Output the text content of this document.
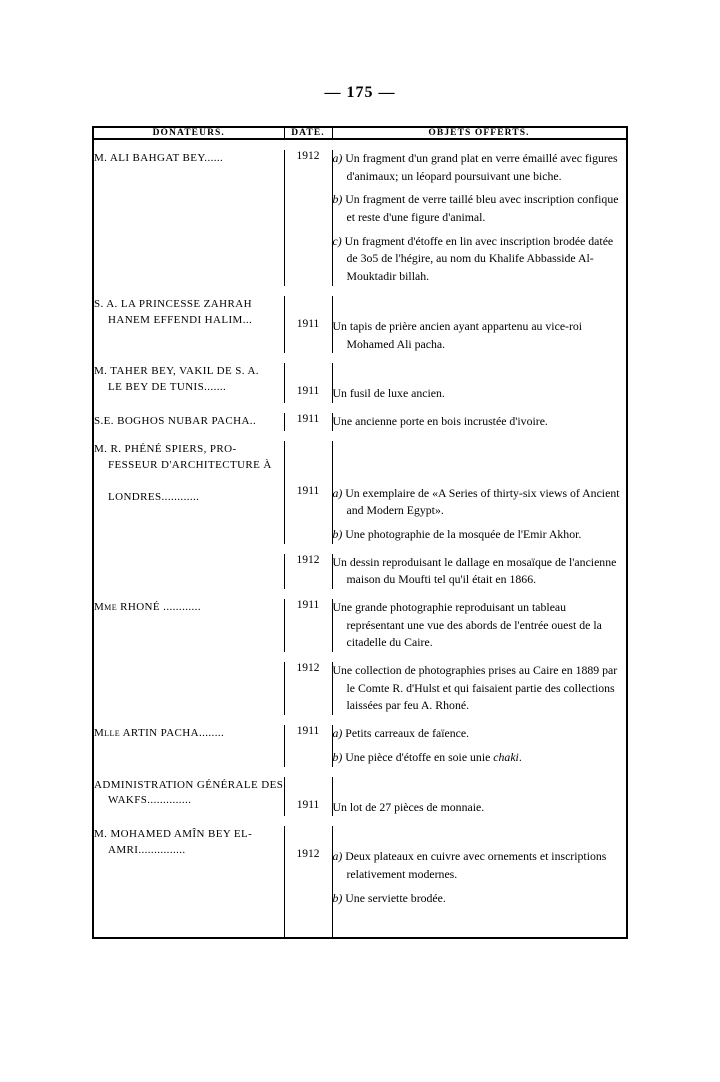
— 175 —
DONATEURS.	DATE.	OBJETS OFFERTS.

M. ALI BAHGAT BEY......	1912	a) Un fragment d'un grand plat en verre émaillé avec figures d'animaux; un léopard poursuivant une biche.
b) Un fragment de verre taillé bleu avec inscription confique et reste d'une figure d'animal.
c) Un fragment d'étoffe en lin avec inscription brodée datée de 3o5 de l'hégire, au nom du Khalife Abbasside Al-Mouktadir billah.

S. A. LA PRINCESSE ZAHRAH

HANEM EFFENDI HALIM...	1911	Un tapis de prière ancien ayant appartenu au vice-roi Mohamed Ali pacha.

M. TAHER BEY, VAKIL DE S. A.

LE BEY DE TUNIS.......	1911	Un fusil de luxe ancien.

S.E. BOGHOS NUBAR PACHA..	1911	Une ancienne porte en bois incrustée d'ivoire.

M. R. PHÉNÉ SPIERS, PRO-

FESSEUR D'ARCHITECTURE À

LONDRES............	1911	a) Un exemplaire de «A Series of thirty-six views of Ancient and Modern Egypt».
b) Une photographie de la mosquée de l'Emir Akhor.

	1912	Un dessin reproduisant le dallage en mosaïque de l'ancienne maison du Moufti tel qu'il était en 1866.

Mme RHONÉ ............	1911	Une grande photographie reproduisant un tableau représentant une vue des abords de l'entrée ouest de la citadelle du Caire.

	1912	Une collection de photographies prises au Caire en 1889 par le Comte R. d'Hulst et qui faisaient partie des collections laissées par feu A. Rhoné.

Mlle ARTIN PACHA........	1911	a) Petits carreaux de faïence.
b) Une pièce d'étoffe en soie unie chaki.

ADMINISTRATION GÉNÉRALE DES

WAKFS..............	1911	Un lot de 27 pièces de monnaie.

M. MOHAMED AMÎN BEY EL-

AMRI...............	1912	a) Deux plateaux en cuivre avec ornements et inscriptions relativement modernes.
b) Une serviette brodée.
